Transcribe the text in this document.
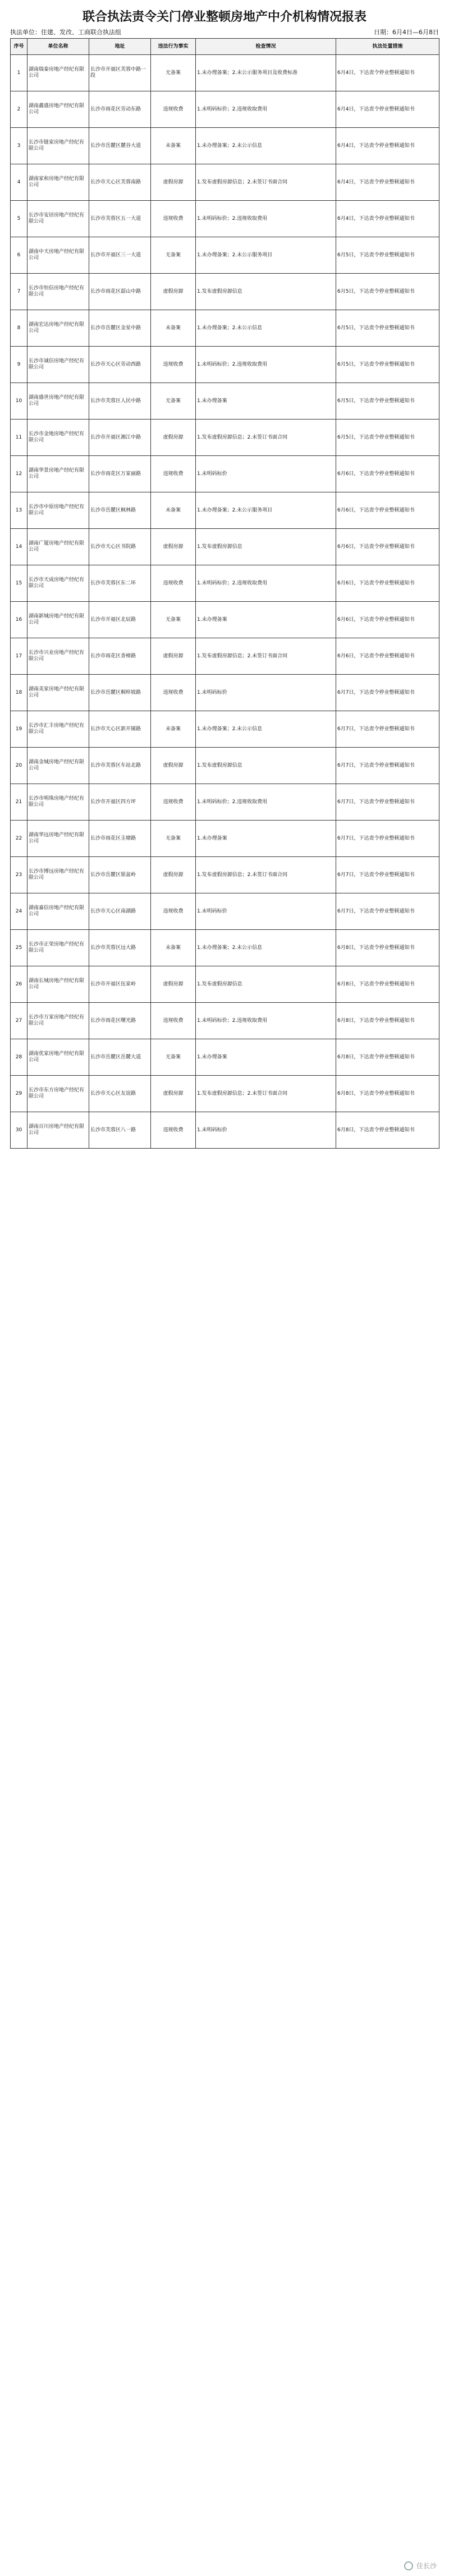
联合执法责令关门停业整顿房地产中介机构情况报表
执法单位：住建、发改、工商联合执法组	日期：6月4日—6月8日
序号	单位名称	地址	违法行为事实	检查情况	执法处置措施
1	湖南瑞泰房地产经纪有限公司	长沙市开福区芙蓉中路一段	无备案	1.未办理备案；2.未公示服务项目及收费标准	6月4日，下达责令停业整顿通知书
2	湖南鑫盛房地产经纪有限公司	长沙市雨花区劳动东路	违规收费	1.未明码标价；2.违规收取费用	6月4日，下达责令停业整顿通知书
3	长沙市链家房地产经纪有限公司	长沙市岳麓区麓谷大道	未备案	1.未办理备案；2.未公示信息	6月4日，下达责令停业整顿通知书
4	湖南家和房地产经纪有限公司	长沙市天心区芙蓉南路	虚假房源	1.发布虚假房源信息；2.未签订书面合同	6月4日，下达责令停业整顿通知书
5	长沙市安居房地产经纪有限公司	长沙市芙蓉区五一大道	违规收费	1.未明码标价；2.违规收取费用	6月4日，下达责令停业整顿通知书
6	湖南中天房地产经纪有限公司	长沙市开福区三一大道	无备案	1.未办理备案；2.未公示服务项目	6月5日，下达责令停业整顿通知书
7	长沙市恒信房地产经纪有限公司	长沙市雨花区韶山中路	虚假房源	1.发布虚假房源信息	6月5日，下达责令停业整顿通知书
8	湖南宏达房地产经纪有限公司	长沙市岳麓区金星中路	未备案	1.未办理备案；2.未公示信息	6月5日，下达责令停业整顿通知书
9	长沙市诚信房地产经纪有限公司	长沙市天心区劳动西路	违规收费	1.未明码标价；2.违规收取费用	6月5日，下达责令停业整顿通知书
10	湖南盛世房地产经纪有限公司	长沙市芙蓉区人民中路	无备案	1.未办理备案	6月5日，下达责令停业整顿通知书
11	长沙市金地房地产经纪有限公司	长沙市开福区湘江中路	虚假房源	1.发布虚假房源信息；2.未签订书面合同	6月5日，下达责令停业整顿通知书
12	湖南华景房地产经纪有限公司	长沙市雨花区万家丽路	违规收费	1.未明码标价	6月6日，下达责令停业整顿通知书
13	长沙市中原房地产经纪有限公司	长沙市岳麓区枫林路	未备案	1.未办理备案；2.未公示服务项目	6月6日，下达责令停业整顿通知书
14	湖南广厦房地产经纪有限公司	长沙市天心区书院路	虚假房源	1.发布虚假房源信息	6月6日，下达责令停业整顿通知书
15	长沙市天成房地产经纪有限公司	长沙市芙蓉区东二环	违规收费	1.未明码标价；2.违规收取费用	6月6日，下达责令停业整顿通知书
16	湖南新城房地产经纪有限公司	长沙市开福区北辰路	无备案	1.未办理备案	6月6日，下达责令停业整顿通知书
17	长沙市兴业房地产经纪有限公司	长沙市雨花区香樟路	虚假房源	1.发布虚假房源信息；2.未签订书面合同	6月6日，下达责令停业整顿通知书
18	湖南美家房地产经纪有限公司	长沙市岳麓区桐梓坡路	违规收费	1.未明码标价	6月7日，下达责令停业整顿通知书
19	长沙市汇丰房地产经纪有限公司	长沙市天心区新开铺路	未备案	1.未办理备案；2.未公示信息	6月7日，下达责令停业整顿通知书
20	湖南金城房地产经纪有限公司	长沙市芙蓉区车站北路	虚假房源	1.发布虚假房源信息	6月7日，下达责令停业整顿通知书
21	长沙市明珠房地产经纪有限公司	长沙市开福区四方坪	违规收费	1.未明码标价；2.违规收取费用	6月7日，下达责令停业整顿通知书
22	湖南华远房地产经纪有限公司	长沙市雨花区圭塘路	无备案	1.未办理备案	6月7日，下达责令停业整顿通知书
23	长沙市博远房地产经纪有限公司	长沙市岳麓区银盆岭	虚假房源	1.发布虚假房源信息；2.未签订书面合同	6月7日，下达责令停业整顿通知书
24	湖南嘉信房地产经纪有限公司	长沙市天心区南湖路	违规收费	1.未明码标价	6月7日，下达责令停业整顿通知书
25	长沙市正荣房地产经纪有限公司	长沙市芙蓉区远大路	未备案	1.未办理备案；2.未公示信息	6月8日，下达责令停业整顿通知书
26	湖南长城房地产经纪有限公司	长沙市开福区伍家岭	虚假房源	1.发布虚假房源信息	6月8日，下达责令停业整顿通知书
27	长沙市万家房地产经纪有限公司	长沙市雨花区曙光路	违规收费	1.未明码标价；2.违规收取费用	6月8日，下达责令停业整顿通知书
28	湖南优家房地产经纪有限公司	长沙市岳麓区岳麓大道	无备案	1.未办理备案	6月8日，下达责令停业整顿通知书
29	长沙市东方房地产经纪有限公司	长沙市天心区友谊路	虚假房源	1.发布虚假房源信息；2.未签订书面合同	6月8日，下达责令停业整顿通知书
30	湖南百川房地产经纪有限公司	长沙市芙蓉区八一路	违规收费	1.未明码标价	6月8日，下达责令停业整顿通知书
住长沙
